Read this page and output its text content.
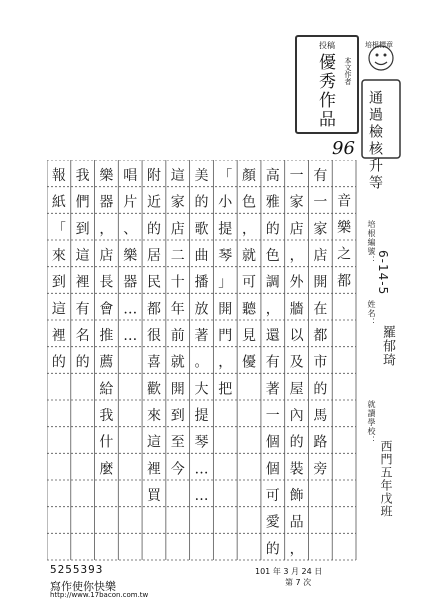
投稿
優秀作品	本文作者
培根標章
通過檢核升等
96
音
樂
之
都
有
一
家
店
開
在
都
市
的
馬
路
旁
一
家
店
，
外
牆
以
及
屋
內
的
裝
飾
品
，
高
雅
的
色
調
，
還
有
著
一
個
個
可
愛
的
顏
色
，
就
可
聽
見
優
「
小
提
琴
」
開
門
，
把
美
的
歌
曲
播
放
著
。
大
提
琴
…
…
這
家
店
二
十
年
前
就
開
到
至
今
附
近
的
居
民
都
很
喜
歡
來
這
裡
買
唱
片
、
樂
器
…
…
樂
器
，
店
長
會
推
薦
給
我
什
麼
我
們
到
這
裡
有
名
的
報
紙
「
來
到
這
裡
的
培根編號：
6-14-5
姓名：
羅郁琦
就讀學校：
西門五年戊班
5255393
寫作使你快樂
http://www.17bacon.com.tw
101 年 3 月 24 日
第 7 次
